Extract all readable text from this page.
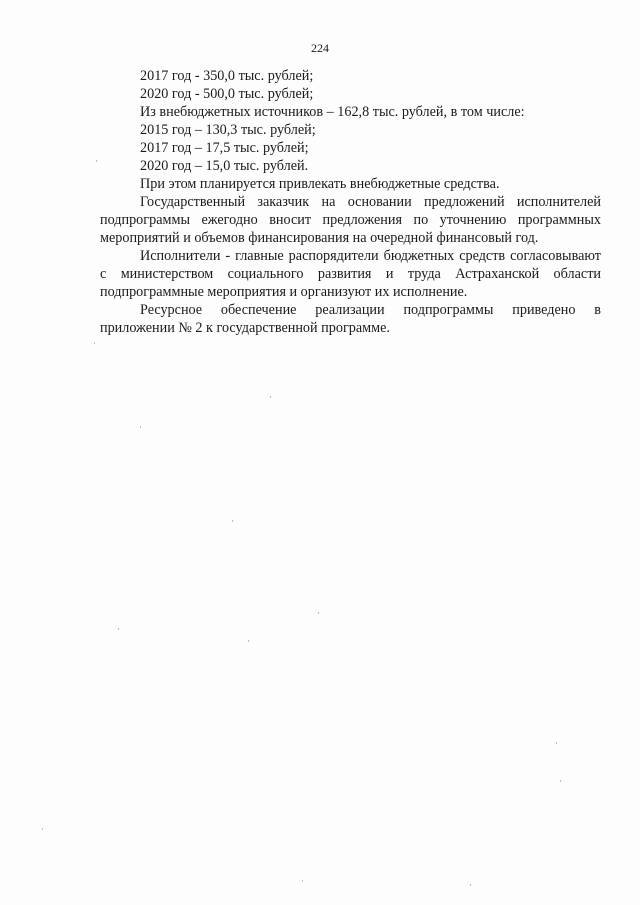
224
2017 год - 350,0 тыс. рублей;
2020 год - 500,0 тыс. рублей;
Из внебюджетных источников – 162,8 тыс. рублей, в том числе:
2015 год – 130,3 тыс. рублей;
2017 год – 17,5 тыс. рублей;
2020 год – 15,0 тыс. рублей.
При этом планируется привлекать внебюджетные средства.

Государственный заказчик на основании предложений исполнителей подпрограммы ежегодно вносит предложения по уточнению программных мероприятий и объемов финансирования на очередной финансовый год.

Исполнители - главные распорядители бюджетных средств согласовывают с министерством социального развития и труда Астраханской области подпрограммные мероприятия и организуют их исполнение.

Ресурсное обеспечение реализации подпрограммы приведено в приложении № 2 к государственной программе.
